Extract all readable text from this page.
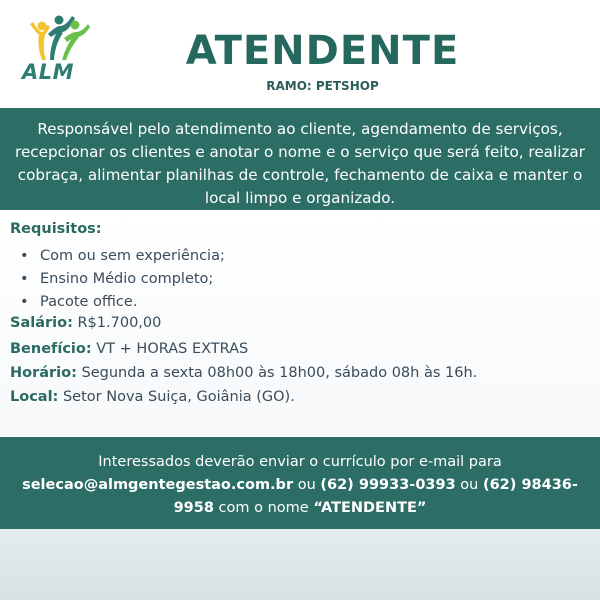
ALM	ATENDENTE
RAMO: PETSHOP
Responsável pelo atendimento ao cliente, agendamento de serviços, recepcionar os clientes e anotar o nome e o serviço que será feito, realizar cobraça, alimentar planilhas de controle, fechamento de caixa e manter o local limpo e organizado.
Requisitos:
• Com ou sem experiência;
• Ensino Médio completo;
• Pacote office.
Salário: R$1.700,00
Benefício: VT + HORAS EXTRAS
Horário: Segunda a sexta 08h00 às 18h00, sábado 08h às 16h.
Local: Setor Nova Suiça, Goiânia (GO).
Interessados deverão enviar o currículo por e-mail para
selecao@almgentegestao.com.br ou (62) 99933-0393 ou (62) 98436-9958 com o nome “ATENDENTE”
